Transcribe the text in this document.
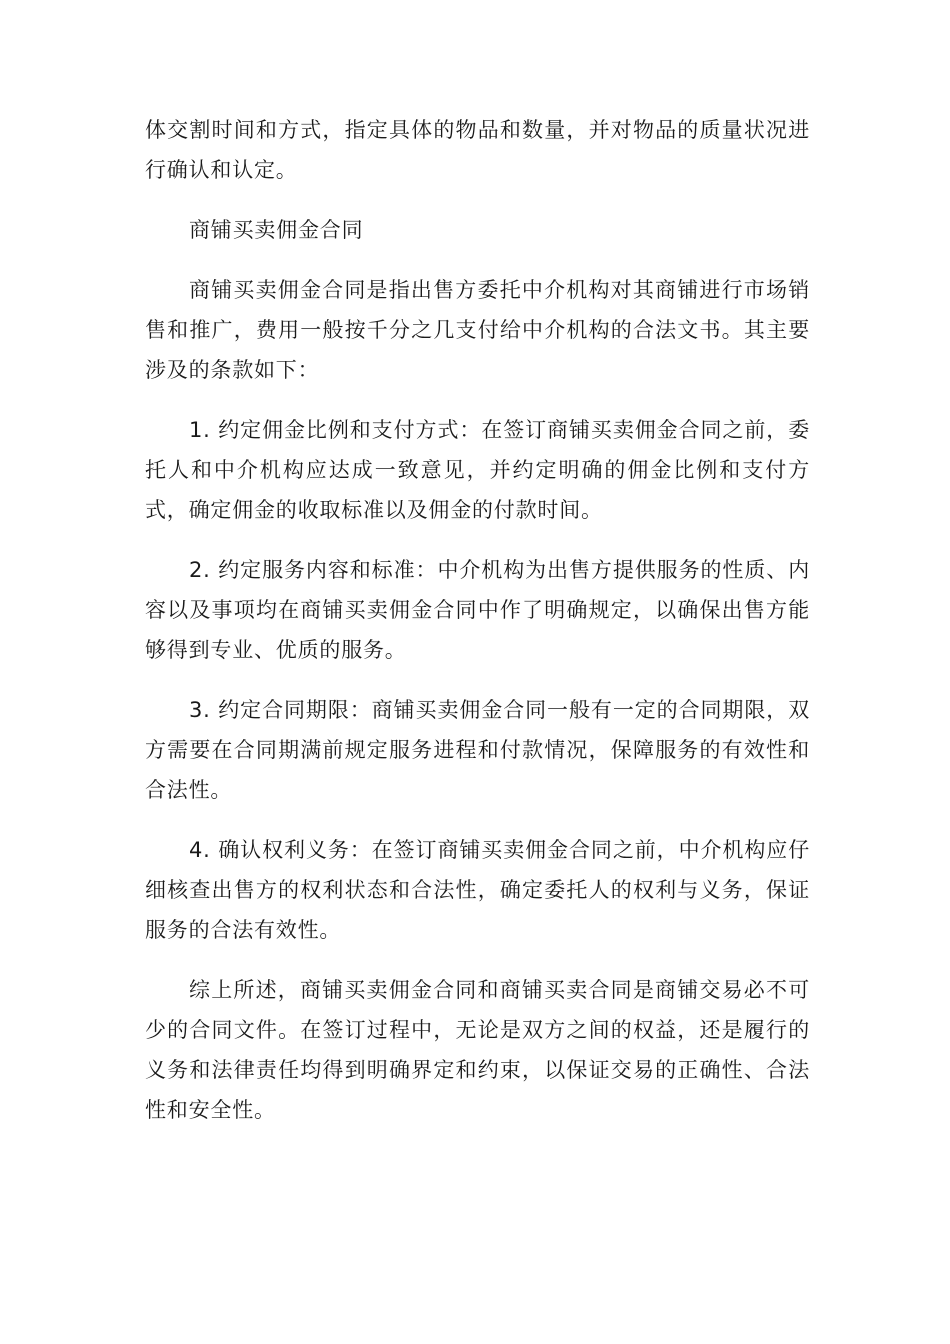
体交割时间和方式，指定具体的物品和数量，并对物品的质量状况进行确认和认定。

商铺买卖佣金合同

商铺买卖佣金合同是指出售方委托中介机构对其商铺进行市场销售和推广，费用一般按千分之几支付给中介机构的合法文书。其主要涉及的条款如下：

1. 约定佣金比例和支付方式：在签订商铺买卖佣金合同之前，委托人和中介机构应达成一致意见，并约定明确的佣金比例和支付方式，确定佣金的收取标准以及佣金的付款时间。

2. 约定服务内容和标准：中介机构为出售方提供服务的性质、内容以及事项均在商铺买卖佣金合同中作了明确规定，以确保出售方能够得到专业、优质的服务。

3. 约定合同期限：商铺买卖佣金合同一般有一定的合同期限，双方需要在合同期满前规定服务进程和付款情况，保障服务的有效性和合法性。

4. 确认权利义务：在签订商铺买卖佣金合同之前，中介机构应仔细核查出售方的权利状态和合法性，确定委托人的权利与义务，保证服务的合法有效性。

综上所述，商铺买卖佣金合同和商铺买卖合同是商铺交易必不可少的合同文件。在签订过程中，无论是双方之间的权益，还是履行的义务和法律责任均得到明确界定和约束，以保证交易的正确性、合法性和安全性。
